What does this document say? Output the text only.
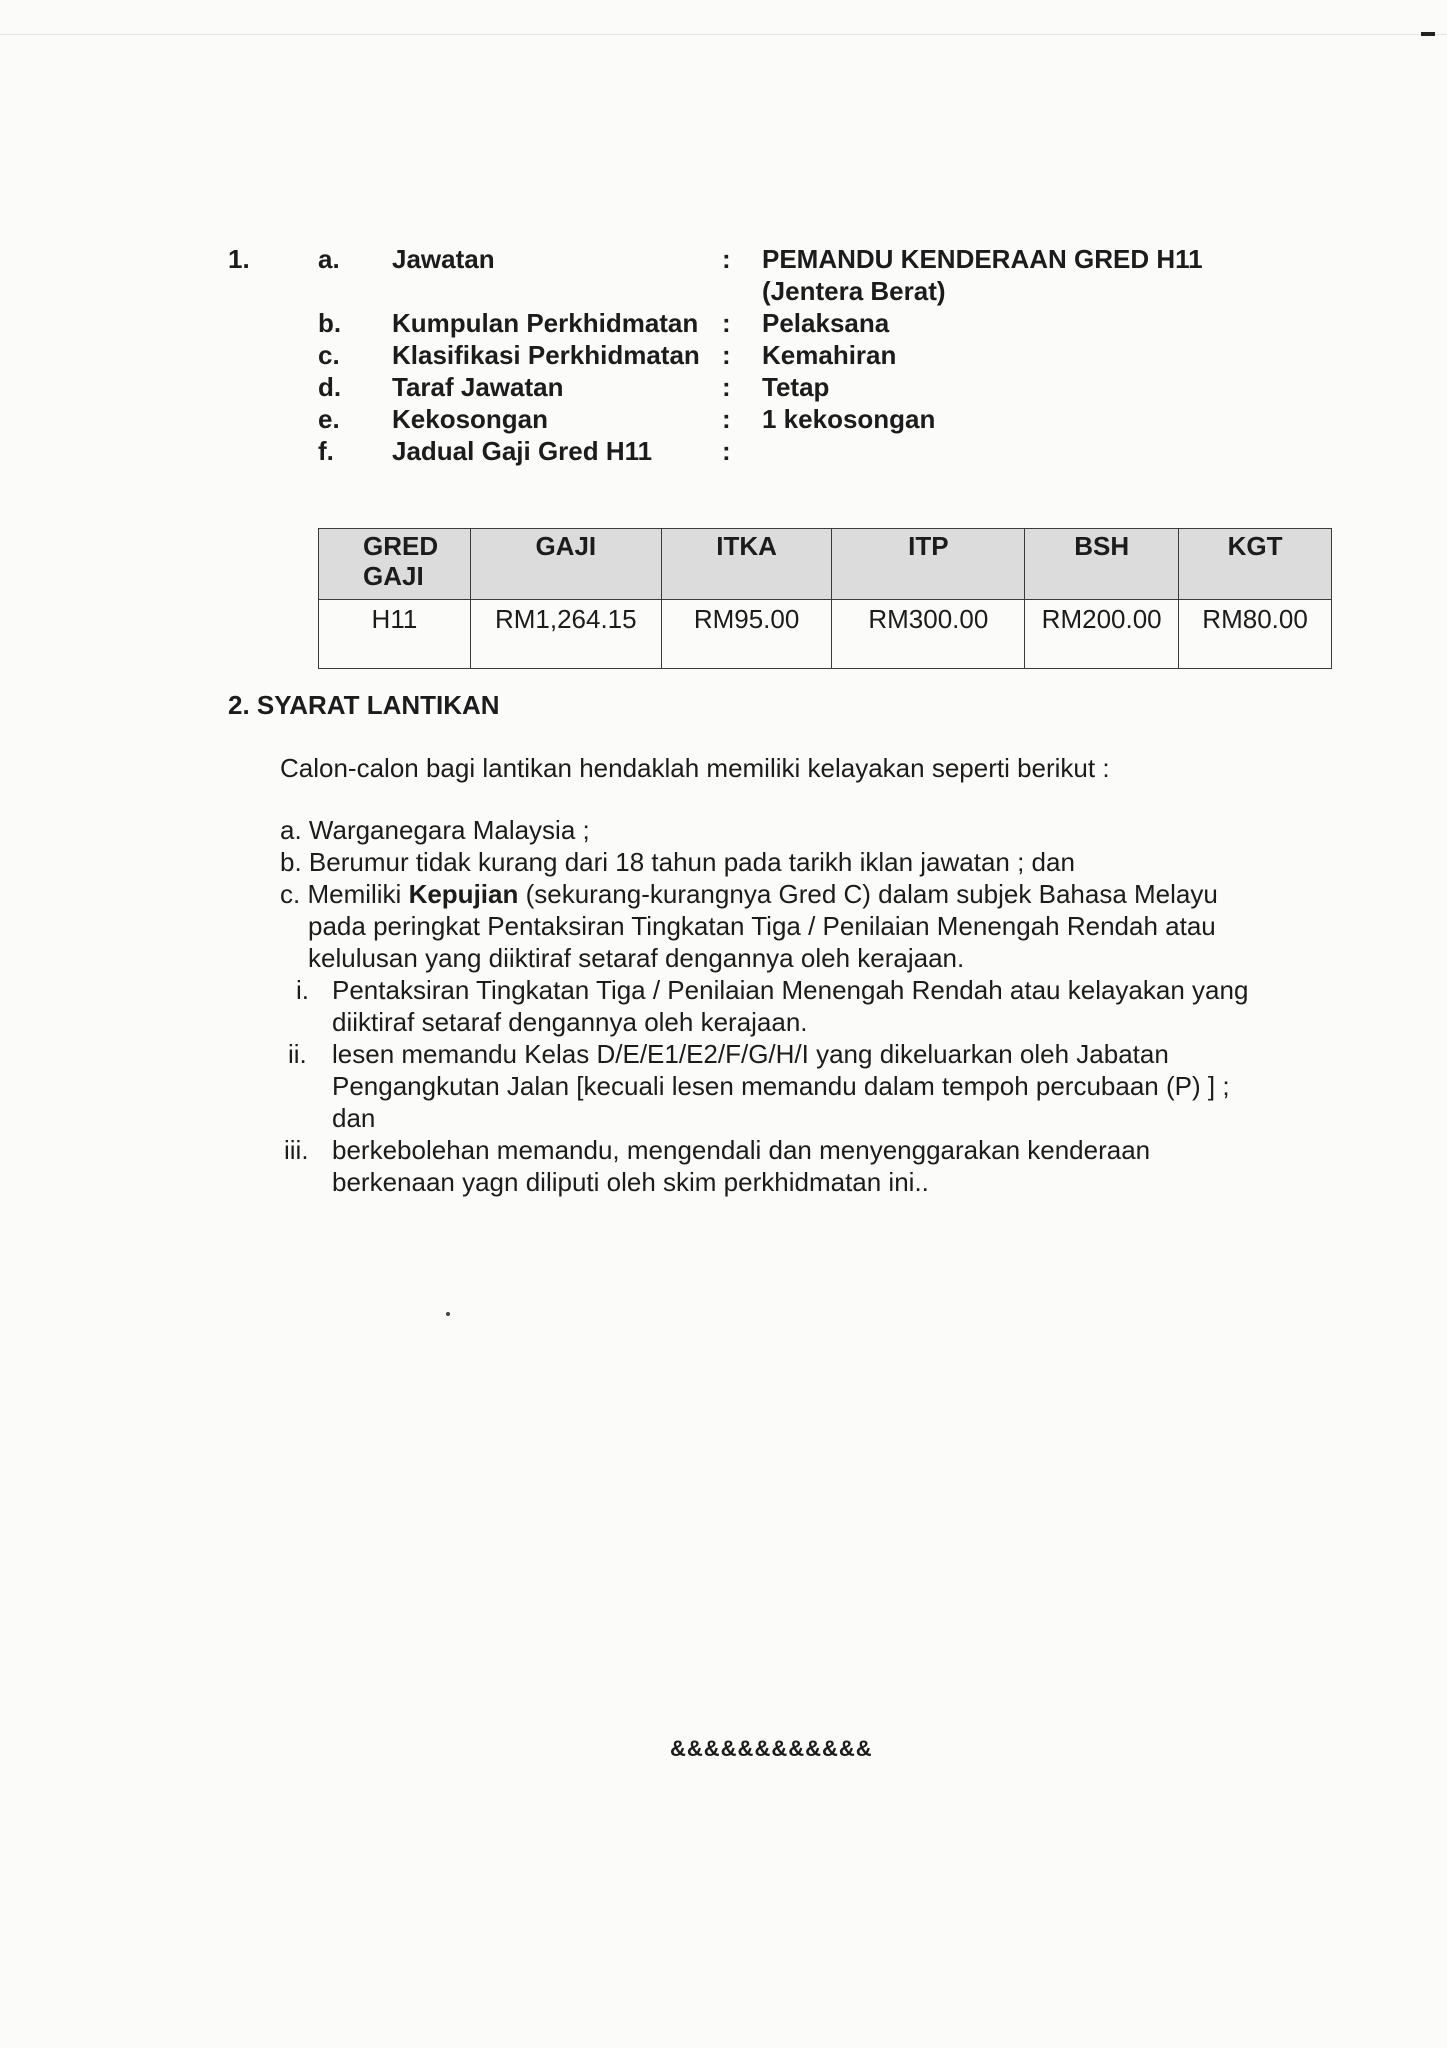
1.	a. Jawatan	: PEMANDU KENDERAAN GRED H11
(Jentera Berat)
b. Kumpulan Perkhidmatan : Pelaksana
c. Klasifikasi Perkhidmatan : Kemahiran
d. Taraf Jawatan	: Tetap
e. Kekosongan	: 1 kekosongan
f. Jadual Gaji Gred H11	:
GRED GAJI	GAJI	ITKA	ITP	BSH	KGT
H11	RM1,264.15	RM95.00	RM300.00	RM200.00	RM80.00
2. SYARAT LANTIKAN
Calon-calon bagi lantikan hendaklah memiliki kelayakan seperti berikut :
a. Warganegara Malaysia ;
b. Berumur tidak kurang dari 18 tahun pada tarikh iklan jawatan ; dan
c. Memiliki Kepujian (sekurang-kurangnya Gred C) dalam subjek Bahasa Melayu
pada peringkat Pentaksiran Tingkatan Tiga / Penilaian Menengah Rendah atau
kelulusan yang diiktiraf setaraf dengannya oleh kerajaan.
i. Pentaksiran Tingkatan Tiga / Penilaian Menengah Rendah atau kelayakan yang
diiktiraf setaraf dengannya oleh kerajaan.
ii. lesen memandu Kelas D/E/E1/E2/F/G/H/I yang dikeluarkan oleh Jabatan
Pengangkutan Jalan [kecuali lesen memandu dalam tempoh percubaan (P) ] ;
dan
iii. berkebolehan memandu, mengendali dan menyenggarakan kenderaan
berkenaan yagn diliputi oleh skim perkhidmatan ini..
&&&&&&&&&&&&
